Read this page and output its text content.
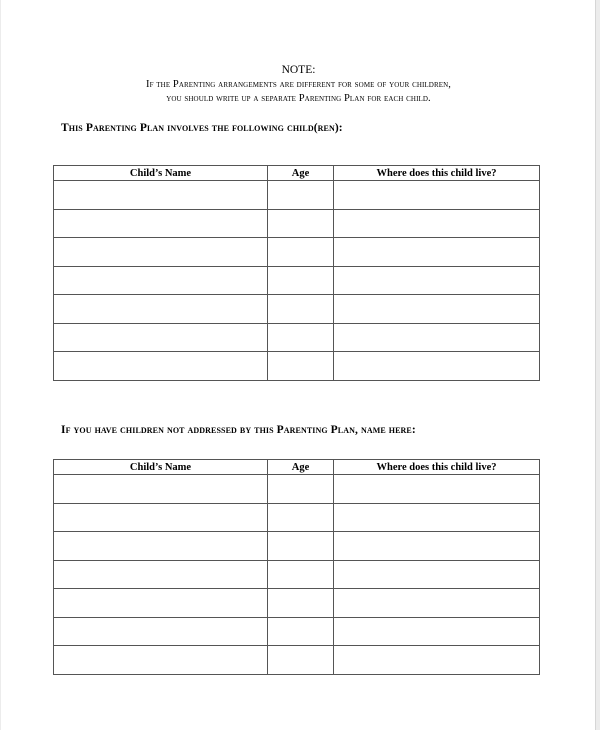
NOTE:
If the Parenting arrangements are different for some of your children,
you should write up a separate Parenting Plan for each child.
This Parenting Plan involves the following child(ren):
Child’s Name	Age	Where does this child live?

If you have children not addressed by this Parenting Plan, name here:
Child’s Name	Age	Where does this child live?
